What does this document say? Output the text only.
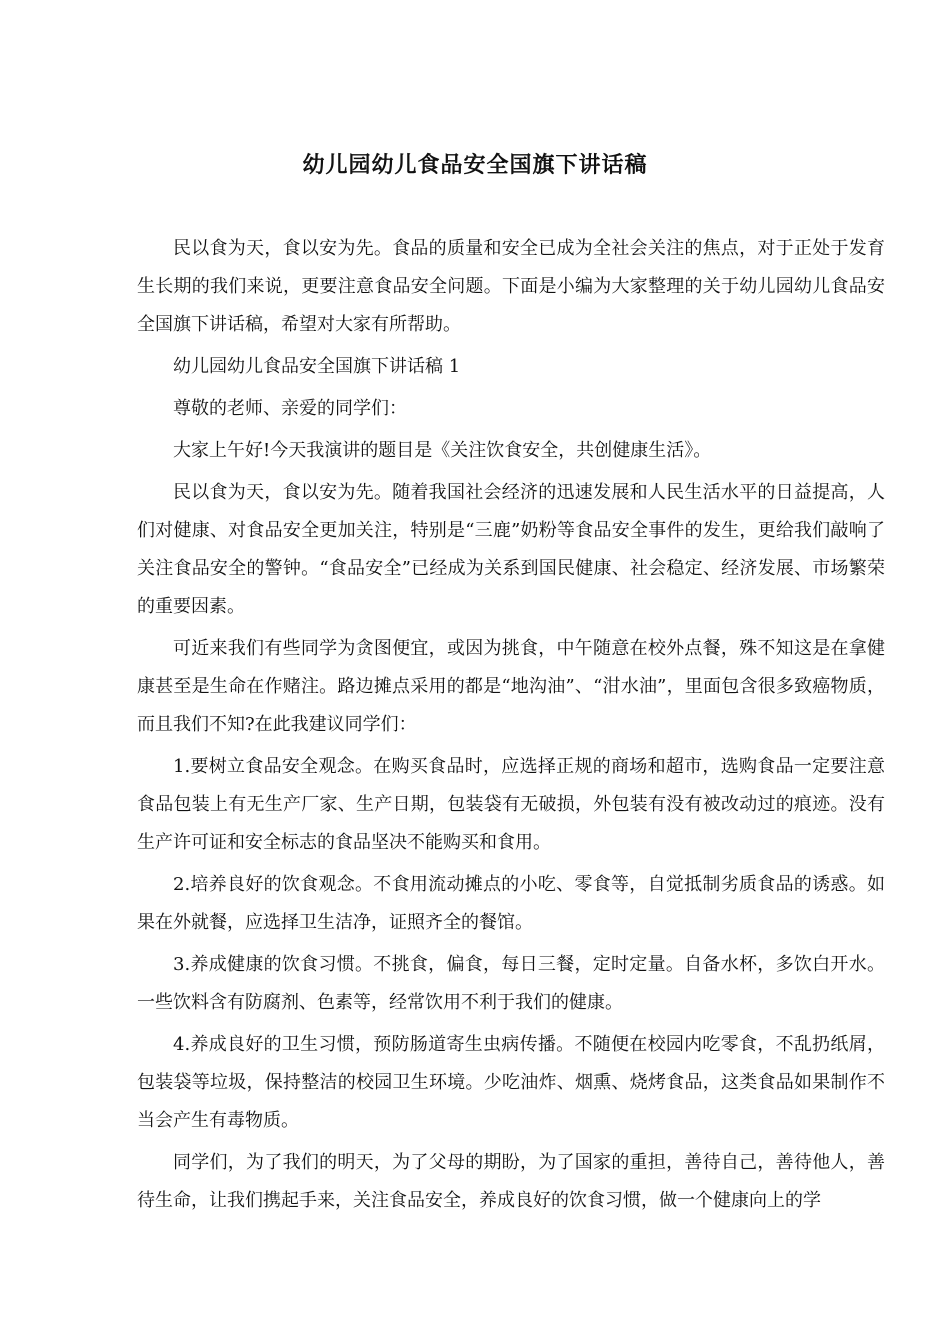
幼儿园幼儿食品安全国旗下讲话稿

民以食为天，食以安为先。食品的质量和安全已成为全社会关注的焦点，对于正处于发育生长期的我们来说，更要注意食品安全问题。下面是小编为大家整理的关于幼儿园幼儿食品安全国旗下讲话稿，希望对大家有所帮助。

幼儿园幼儿食品安全国旗下讲话稿 1

尊敬的老师、亲爱的同学们：

大家上午好!今天我演讲的题目是《关注饮食安全，共创健康生活》。

民以食为天，食以安为先。随着我国社会经济的迅速发展和人民生活水平的日益提高，人们对健康、对食品安全更加关注，特别是“三鹿”奶粉等食品安全事件的发生，更给我们敲响了关注食品安全的警钟。“食品安全”已经成为关系到国民健康、社会稳定、经济发展、市场繁荣的重要因素。

可近来我们有些同学为贪图便宜，或因为挑食，中午随意在校外点餐，殊不知这是在拿健康甚至是生命在作赌注。路边摊点采用的都是“地沟油”、“泔水油”，里面包含很多致癌物质，而且我们不知?在此我建议同学们：

1.要树立食品安全观念。在购买食品时，应选择正规的商场和超市，选购食品一定要注意食品包装上有无生产厂家、生产日期，包装袋有无破损，外包装有没有被改动过的痕迹。没有生产许可证和安全标志的食品坚决不能购买和食用。

2.培养良好的饮食观念。不食用流动摊点的小吃、零食等，自觉抵制劣质食品的诱惑。如果在外就餐，应选择卫生洁净，证照齐全的餐馆。

3.养成健康的饮食习惯。不挑食，偏食，每日三餐，定时定量。自备水杯，多饮白开水。一些饮料含有防腐剂、色素等，经常饮用不利于我们的健康。

4.养成良好的卫生习惯，预防肠道寄生虫病传播。不随便在校园内吃零食，不乱扔纸屑，包装袋等垃圾，保持整洁的校园卫生环境。少吃油炸、烟熏、烧烤食品，这类食品如果制作不当会产生有毒物质。

同学们，为了我们的明天，为了父母的期盼，为了国家的重担，善待自己，善待他人，善待生命，让我们携起手来，关注食品安全，养成良好的饮食习惯，做一个健康向上的学
